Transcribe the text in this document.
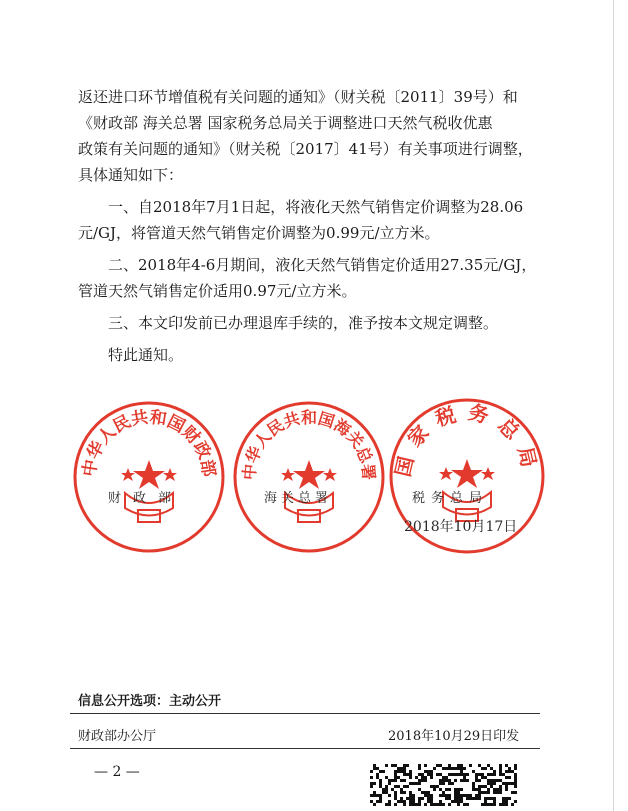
返还进口环节增值税有关问题的通知》（财关税〔2011〕39号）和

《财政部 海关总署 国家税务总局关于调整进口天然气税收优惠

政策有关问题的通知》（财关税〔2017〕41号）有关事项进行调整，

具体通知如下：

一、自2018年7月1日起，将液化天然气销售定价调整为28.06

元/GJ，将管道天然气销售定价调整为0.99元/立方米。

二、2018年4-6月期间，液化天然气销售定价适用27.35元/GJ，

管道天然气销售定价适用0.97元/立方米。

三、本文印发前已办理退库手续的，准予按本文规定调整。

特此通知。

中华人民共和国财政部 中华人民共和国海关总署 国家税务总局
财政部	海关总署	税务总局
2018年10月17日
信息公开选项：主动公开
财政部办公厅	2018年10月29日印发
— 2 —
